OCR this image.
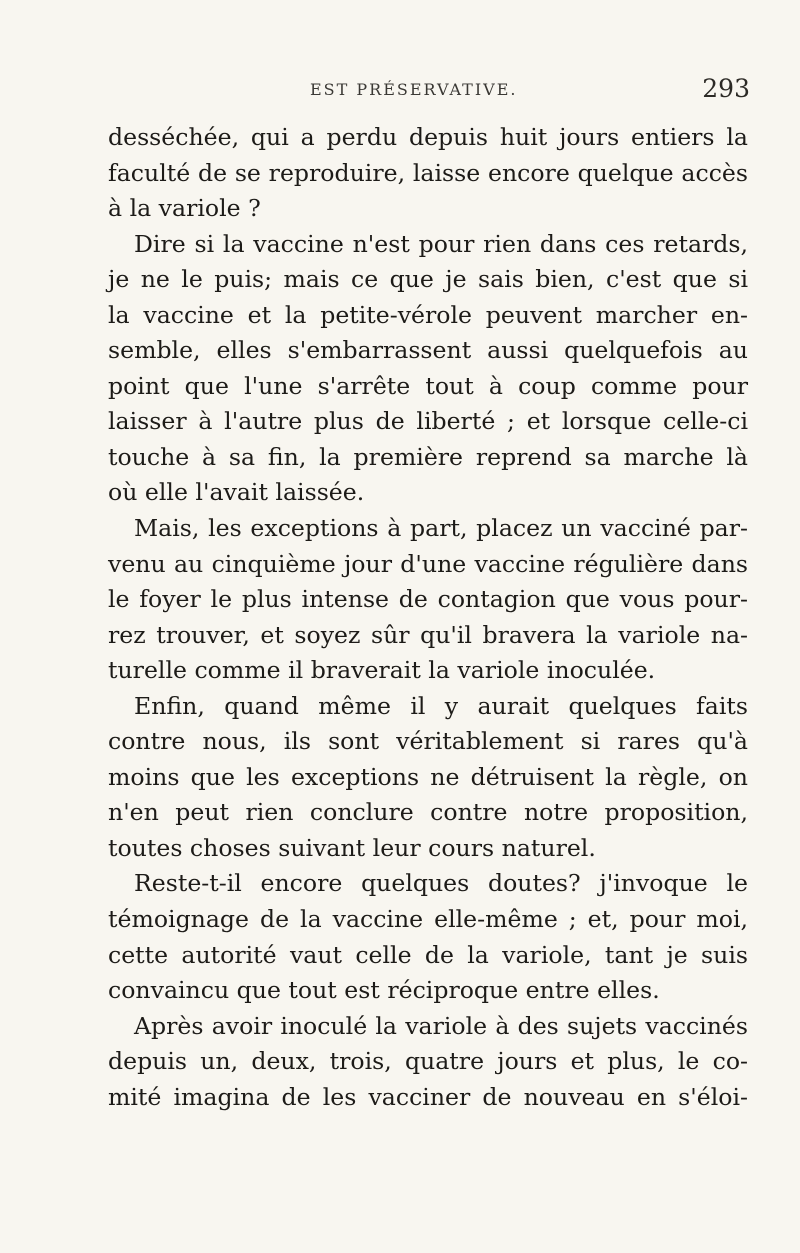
EST PRÉSERVATIVE.	293
desséchée, qui a perdu depuis huit jours entiers la
faculté de se reproduire, laisse encore quelque accès
à la variole ?
Dire si la vaccine n'est pour rien dans ces retards,
je ne le puis; mais ce que je sais bien, c'est que si
la vaccine et la petite-vérole peuvent marcher en-
semble, elles s'embarrassent aussi quelquefois au
point que l'une s'arrête tout à coup comme pour
laisser à l'autre plus de liberté ; et lorsque celle-ci
touche à sa fin, la première reprend sa marche là
où elle l'avait laissée.
Mais, les exceptions à part, placez un vacciné par-
venu au cinquième jour d'une vaccine régulière dans
le foyer le plus intense de contagion que vous pour-
rez trouver, et soyez sûr qu'il bravera la variole na-
turelle comme il braverait la variole inoculée.
Enfin, quand même il y aurait quelques faits
contre nous, ils sont véritablement si rares qu'à
moins que les exceptions ne détruisent la règle, on
n'en peut rien conclure contre notre proposition,
toutes choses suivant leur cours naturel.
Reste-t-il encore quelques doutes? j'invoque le
témoignage de la vaccine elle-même ; et, pour moi,
cette autorité vaut celle de la variole, tant je suis
convaincu que tout est réciproque entre elles.
Après avoir inoculé la variole à des sujets vaccinés
depuis un, deux, trois, quatre jours et plus, le co-
mité imagina de les vacciner de nouveau en s'éloi-
